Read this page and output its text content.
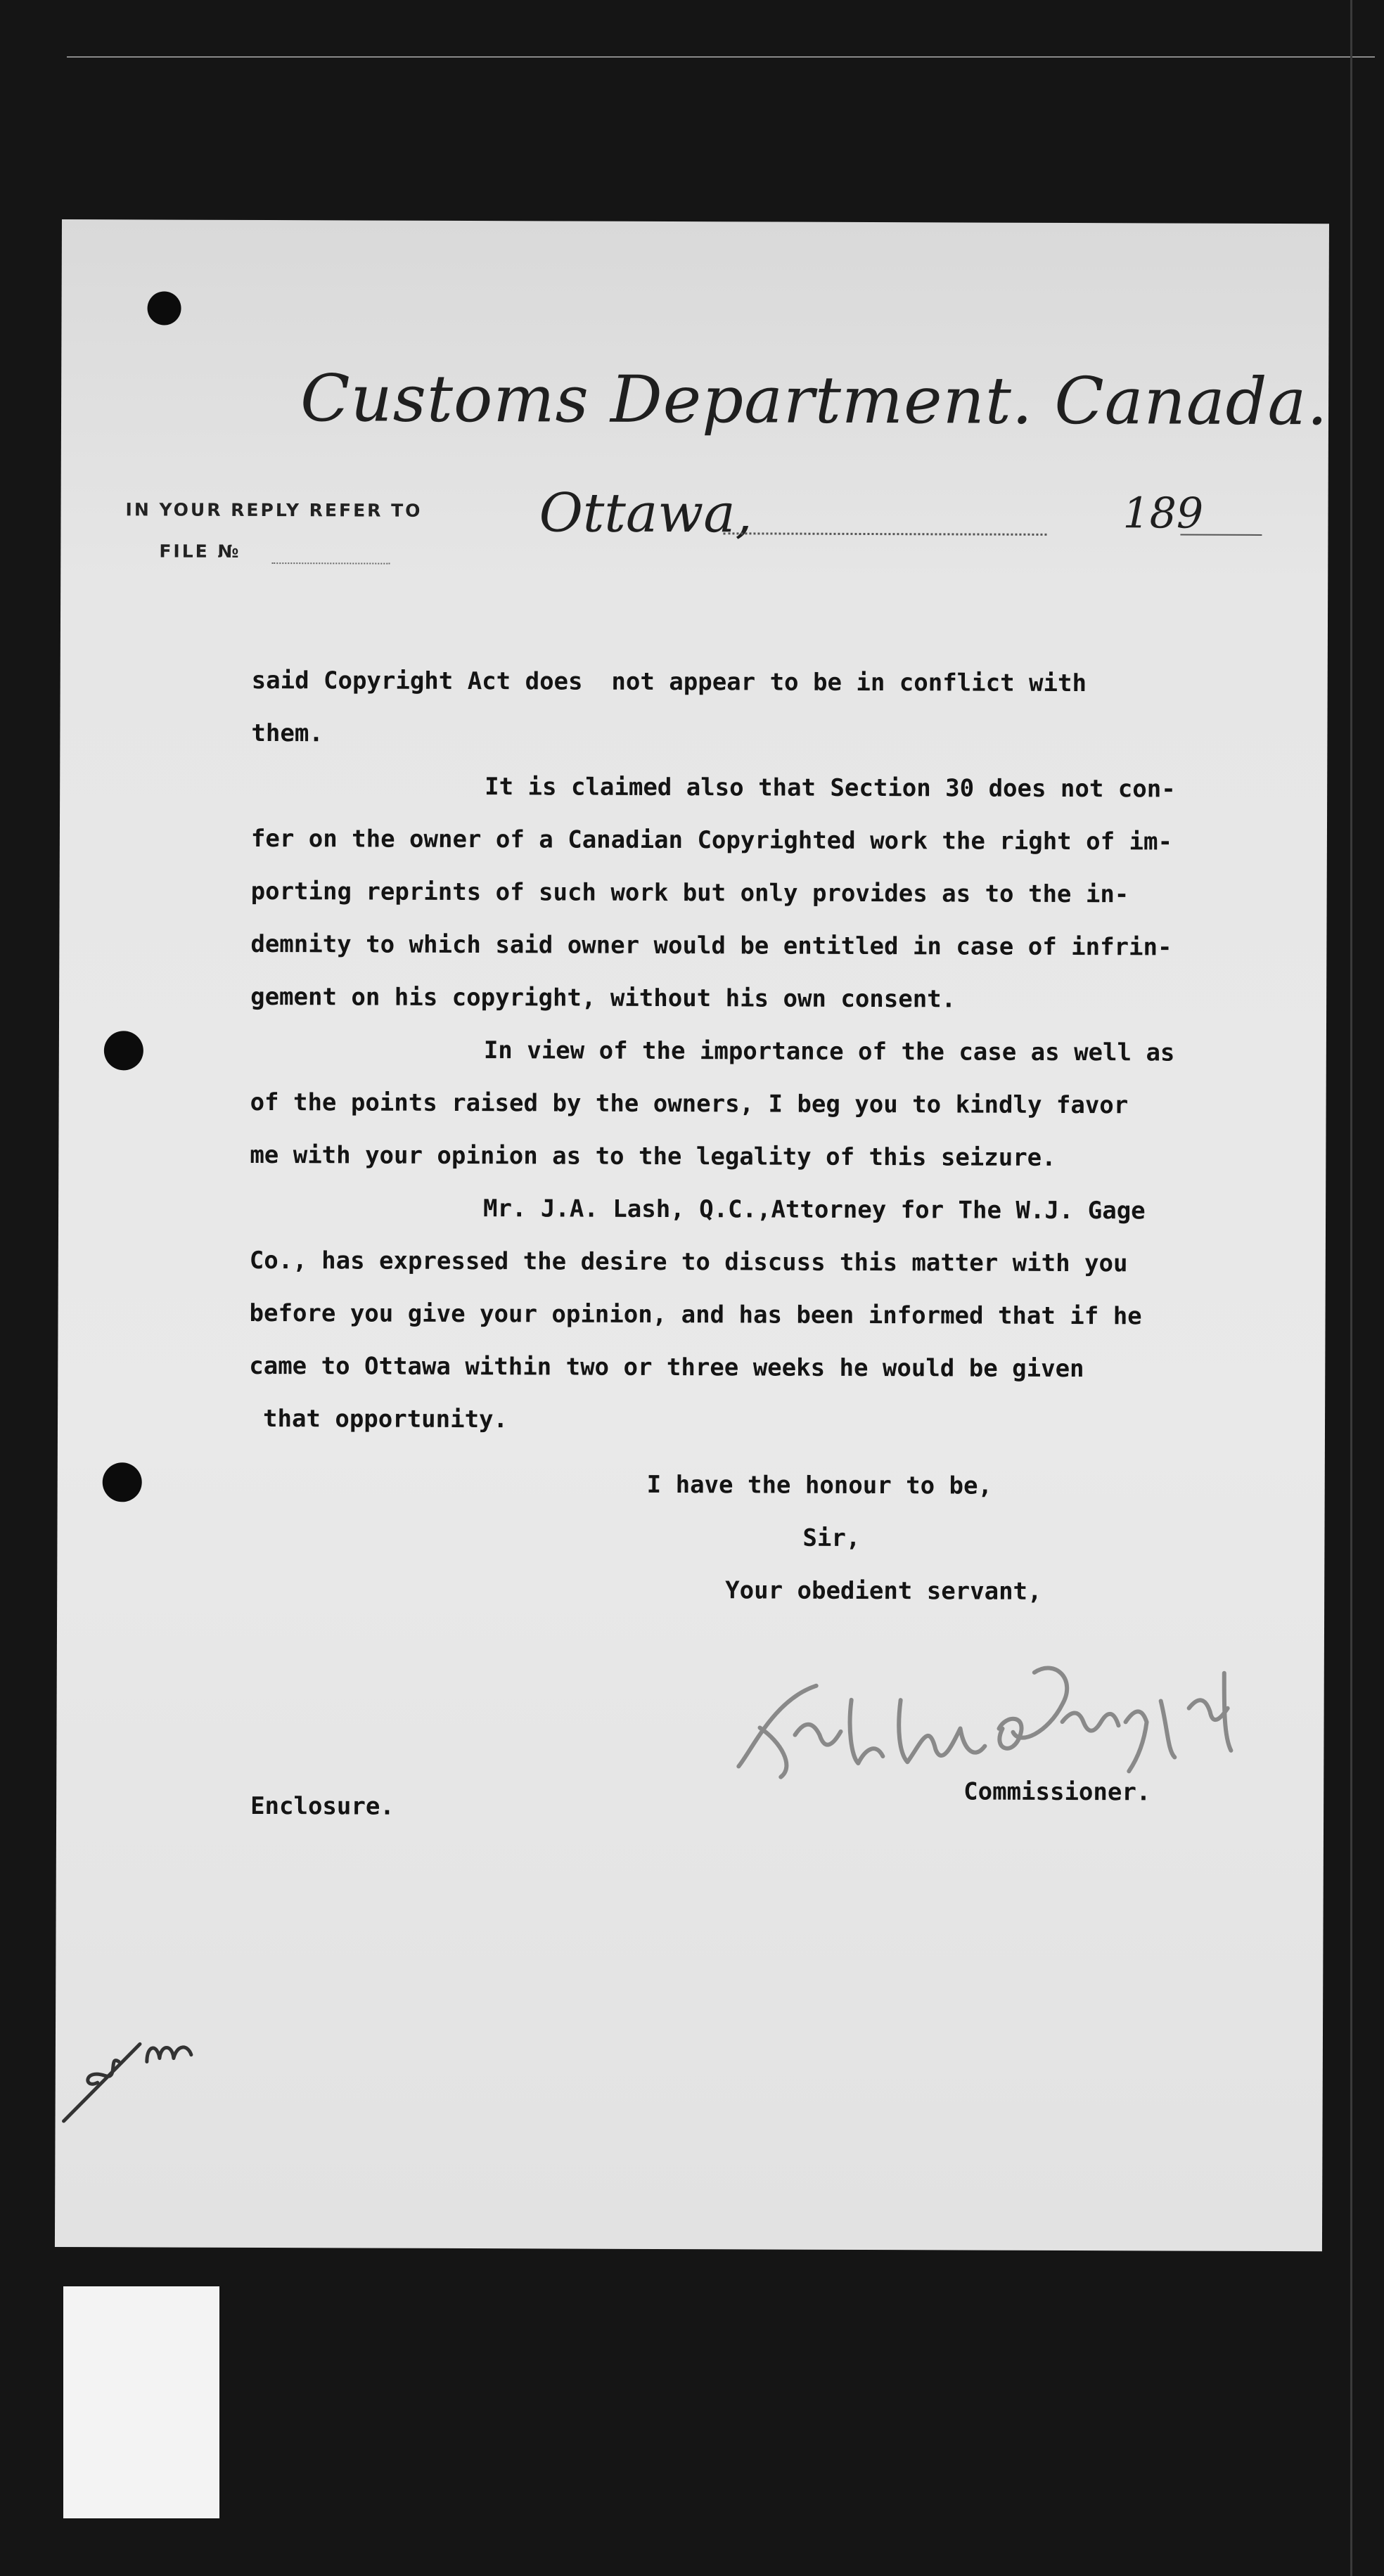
Customs Department. Canada.
IN YOUR REPLY REFER TO
FILE №
Ottawa,	189
said Copyright Act does  not appear to be in conflict with
them.
It is claimed also that Section 30 does not con-
fer on the owner of a Canadian Copyrighted work the right of im-
porting reprints of such work but only provides as to the in-
demnity to which said owner would be entitled in case of infrin-
gement on his copyright, without his own consent.
In view of the importance of the case as well as
of the points raised by the owners, I beg you to kindly favor
me with your opinion as to the legality of this seizure.
Mr. J.A. Lash, Q.C.,Attorney for The W.J. Gage
Co., has expressed the desire to discuss this matter with you
before you give your opinion, and has been informed that if he
came to Ottawa within two or three weeks he would be given
that opportunity.
I have the honour to be,
Sir,
Your obedient servant,
Commissioner.
Enclosure.
